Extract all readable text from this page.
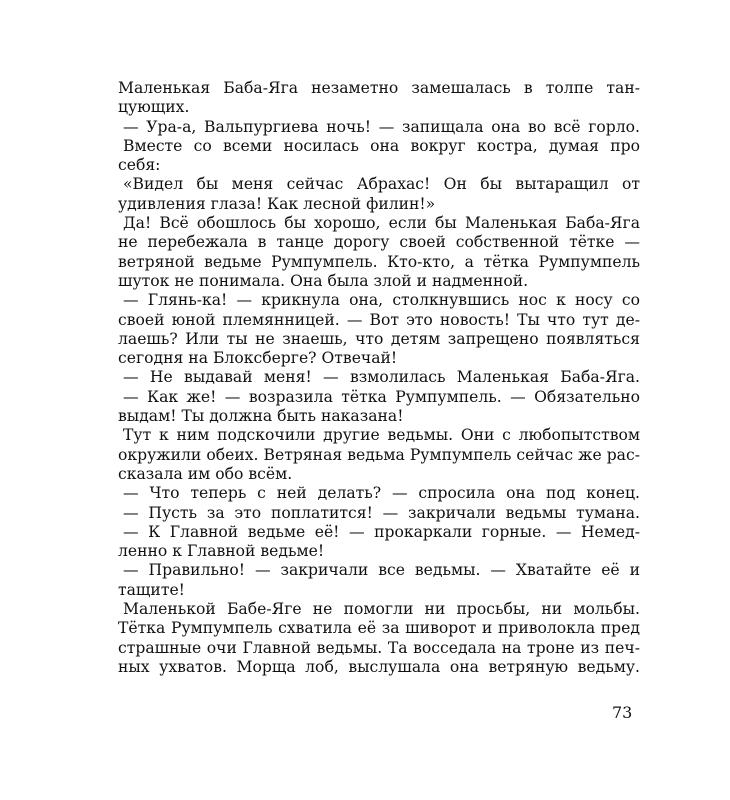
Маленькая Баба-Яга незаметно замешалась в толпе тан-
цующих.
— Ура-а, Вальпургиева ночь! — запищала она во всё горло.
Вместе со всеми носилась она вокруг костра, думая про
себя:
«Видел бы меня сейчас Абрахас! Он бы вытаращил от
удивления глаза! Как лесной филин!»
Да! Всё обошлось бы хорошо, если бы Маленькая Баба-Яга
не перебежала в танце дорогу своей собственной тётке —
ветряной ведьме Румпумпель. Кто-кто, а тётка Румпумпель
шуток не понимала. Она была злой и надменной.
— Глянь-ка! — крикнула она, столкнувшись нос к носу со
своей юной племянницей. — Вот это новость! Ты что тут де-
лаешь? Или ты не знаешь, что детям запрещено появляться
сегодня на Блоксберге? Отвечай!
— Не выдавай меня! — взмолилась Маленькая Баба-Яга.
— Как же! — возразила тётка Румпумпель. — Обязательно
выдам! Ты должна быть наказана!
Тут к ним подскочили другие ведьмы. Они с любопытством
окружили обеих. Ветряная ведьма Румпумпель сейчас же рас-
сказала им обо всём.
— Что теперь с ней делать? — спросила она под конец.
— Пусть за это поплатится! — закричали ведьмы тумана.
— К Главной ведьме её! — прокаркали горные. — Немед-
ленно к Главной ведьме!
— Правильно! — закричали все ведьмы. — Хватайте её и
тащите!
Маленькой Бабе-Яге не помогли ни просьбы, ни мольбы.
Тётка Румпумпель схватила её за шиворот и приволокла пред
страшные очи Главной ведьмы. Та восседала на троне из печ-
ных ухватов. Морща лоб, выслушала она ветряную ведьму.
73
